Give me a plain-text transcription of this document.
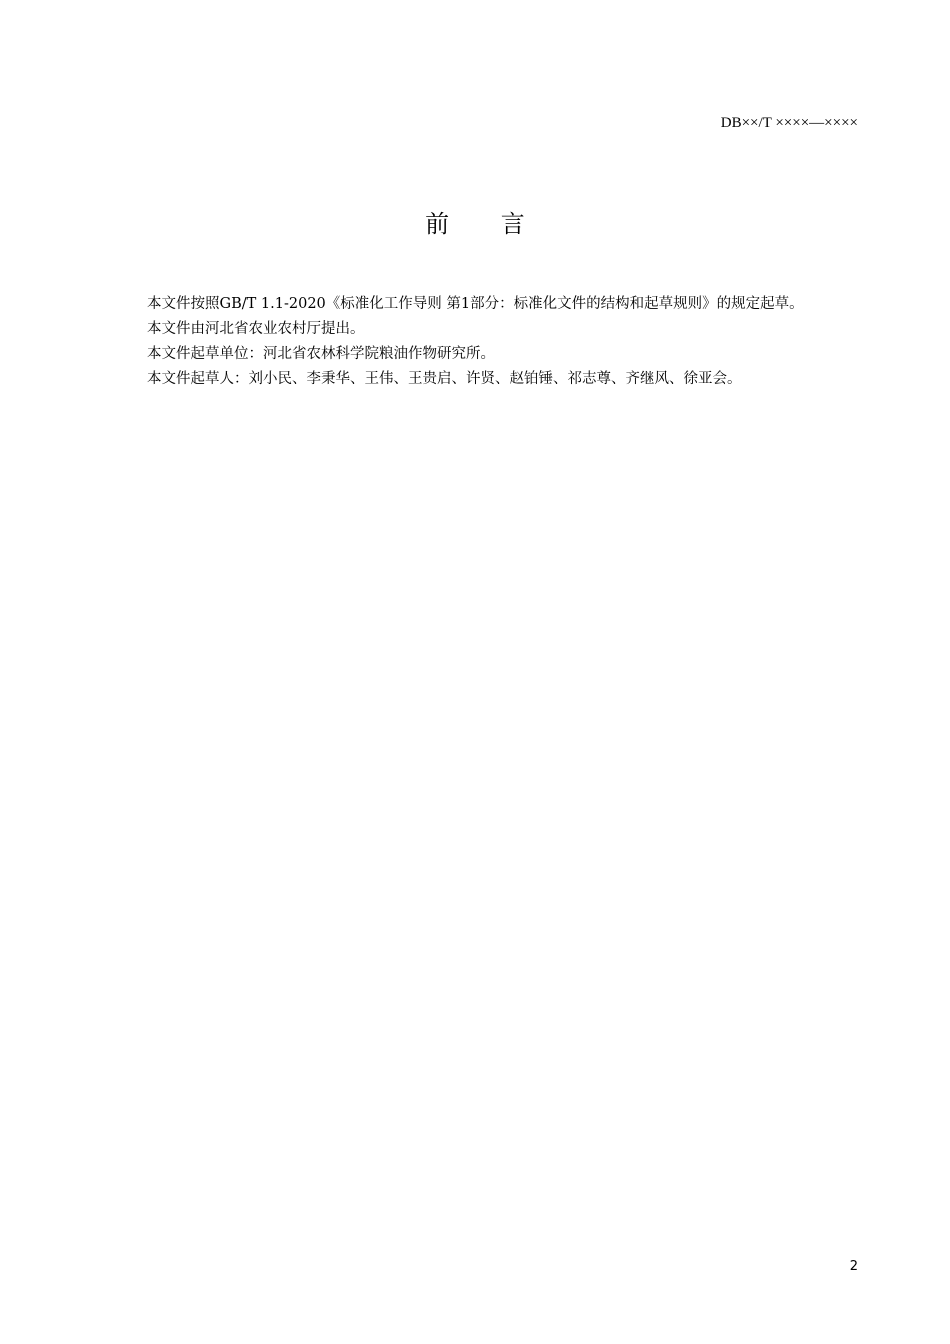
DB××/T ××××—××××
前 言

本文件按照GB/T 1.1-2020《标准化工作导则 第1部分：标准化文件的结构和起草规则》的规定起草。

本文件由河北省农业农村厅提出。

本文件起草单位：河北省农林科学院粮油作物研究所。

本文件起草人：刘小民、李秉华、王伟、王贵启、许贤、赵铂锤、祁志尊、齐继风、徐亚会。

2
